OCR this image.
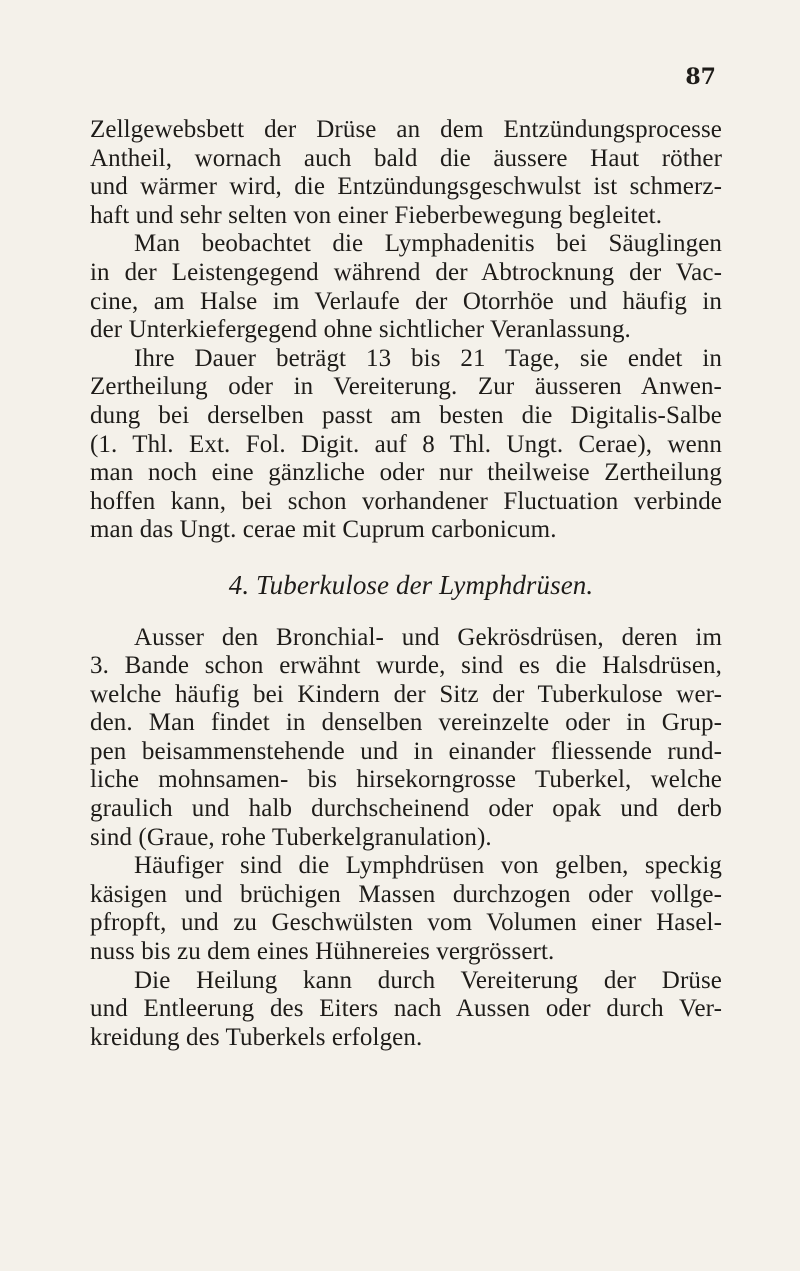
87
Zellgewebsbett der Drüse an dem Entzündungsprocesse
Antheil, wornach auch bald die äussere Haut röther
und wärmer wird, die Entzündungsgeschwulst ist schmerz-
haft und sehr selten von einer Fieberbewegung begleitet.
Man beobachtet die Lymphadenitis bei Säuglingen
in der Leistengegend während der Abtrocknung der Vac-
cine, am Halse im Verlaufe der Otorrhöe und häufig in
der Unterkiefergegend ohne sichtlicher Veranlassung.
Ihre Dauer beträgt 13 bis 21 Tage, sie endet in
Zertheilung oder in Vereiterung. Zur äusseren Anwen-
dung bei derselben passt am besten die Digitalis-Salbe
(1. Thl. Ext. Fol. Digit. auf 8 Thl. Ungt. Cerae), wenn
man noch eine gänzliche oder nur theilweise Zertheilung
hoffen kann, bei schon vorhandener Fluctuation verbinde
man das Ungt. cerae mit Cuprum carbonicum.
4. Tuberkulose der Lymphdrüsen.
Ausser den Bronchial- und Gekrösdrüsen, deren im
3. Bande schon erwähnt wurde, sind es die Halsdrüsen,
welche häufig bei Kindern der Sitz der Tuberkulose wer-
den. Man findet in denselben vereinzelte oder in Grup-
pen beisammenstehende und in einander fliessende rund-
liche mohnsamen- bis hirsekorngrosse Tuberkel, welche
graulich und halb durchscheinend oder opak und derb
sind (Graue, rohe Tuberkelgranulation).
Häufiger sind die Lymphdrüsen von gelben, speckig
käsigen und brüchigen Massen durchzogen oder vollge-
pfropft, und zu Geschwülsten vom Volumen einer Hasel-
nuss bis zu dem eines Hühnereies vergrössert.
Die Heilung kann durch Vereiterung der Drüse
und Entleerung des Eiters nach Aussen oder durch Ver-
kreidung des Tuberkels erfolgen.
